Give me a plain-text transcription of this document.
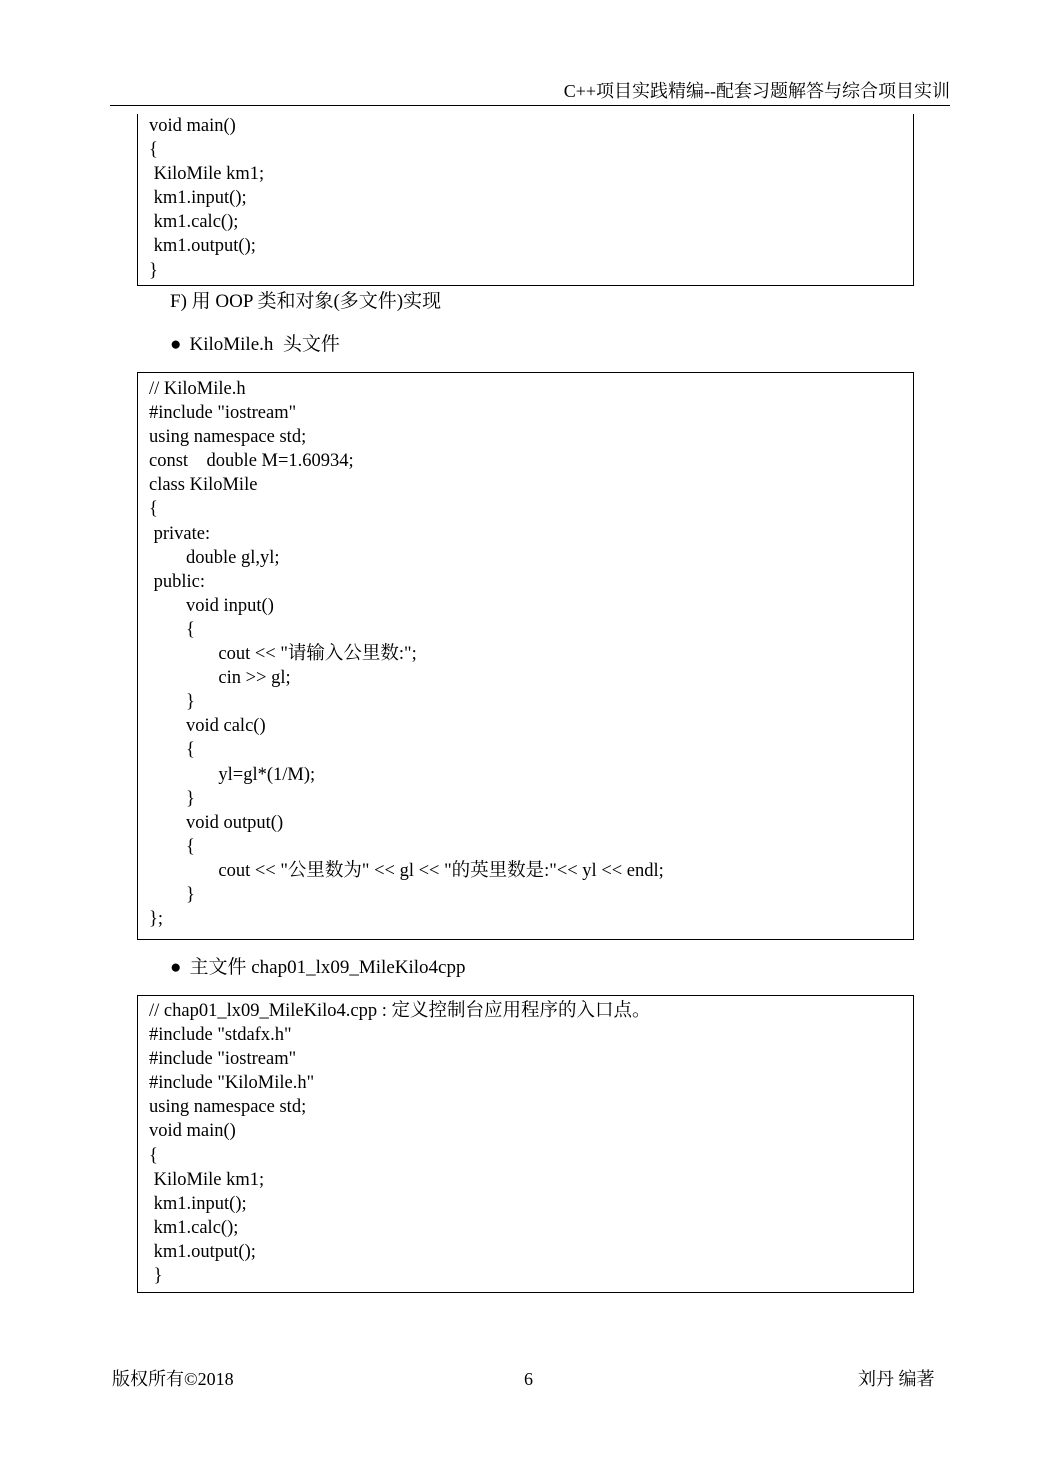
C++项目实践精编--配套习题解答与综合项目实训
void main()
{
KiloMile km1;
km1.input();
km1.calc();
km1.output();
}
F) 用 OOP 类和对象(多文件)实现
● KiloMile.h  头文件
// KiloMile.h
#include "iostream"
using namespace std;
const    double M=1.60934;
class KiloMile
{
private:
double gl,yl;
public:
void input()
{
cout << "请输入公里数:";
cin >> gl;
}
void calc()
{
yl=gl*(1/M);
}
void output()
{
cout << "公里数为" << gl << "的英里数是:"<< yl << endl;
}
};
● 主文件 chap01_lx09_MileKilo4cpp
// chap01_lx09_MileKilo4.cpp : 定义控制台应用程序的入口点。
#include "stdafx.h"
#include "iostream"
#include "KiloMile.h"
using namespace std;
void main()
{
KiloMile km1;
km1.input();
km1.calc();
km1.output();
}
版权所有©2018	6	刘丹 编著
